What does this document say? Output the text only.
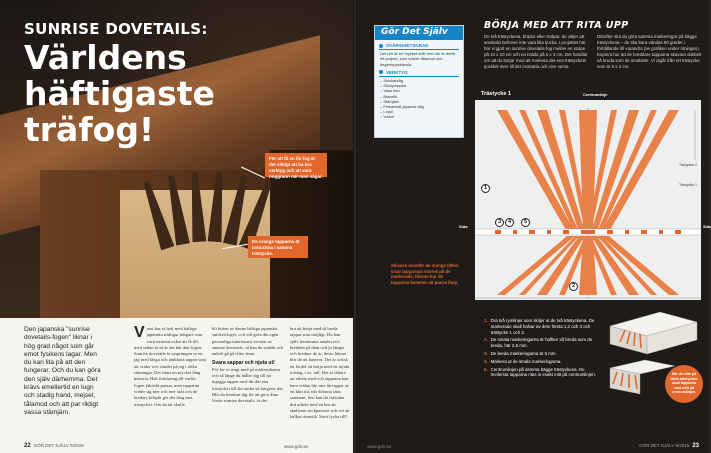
SUNRISE DOVETAILS:
Världens
häftigaste träfog!
För att få en fin fog är det viktigt att ha bra verktyg och att vara noggrann när man sågar.
De orange tapparna är instuckna i samma trästycke.
Den japanska "sunrise dovetails-fogen" liknar i hög grad något som går emot fysikens lagar. Men du kan lita på att den fungerar. Och du kan göra den själv därhemma. Det krävs emellertid en lugn och stadig hand, mejsel, tålamod och att par riktigt vassa stämjärn.
Vasst har vi haft med häftiga japanska träfogar tidigare som varit extremt svåra att få till, men sedan är så är det här den fogen. Sunrise dovetails är ursprungen ur en jag med långa och tänkbara tappar som att vrider och vänder på sig i olika riktningar. Det finns en mycket lång historia. Hak förklaring till varför fogen faktiskt passar, men tapparna vrider sig mer och mer utåt och de bredare kilspår ger det läng mot trästycket. Om du tar skulle
bli bitten av denna häftiga japanska snickerifoget, och vill göra din egen personliga interessant version av sunrise dovetails, så kan du snabbt och enkelt gå på tvärs fram.
Svara sappar och njuta ut!
För fur vi ringt med på malresultaten och så länge du håller dig till att mjugga tappar med dit ditt ena trästycket till det andra så fungerar det. Blir du bestämt dig för att göra dina första sunrise dovetails, är det
bra att börja med så breda tappar som möjligt. Du kan själv bestämma antalet och bredden på dem och ju längre och bredare de är, desto lättare blir de att hantera. Det är också en fördel att börja med ett mjukt träslag, t ex. tall. Det är lättare att arbeta med och tapparna kan bara vridas lite mer än tappar av ett hårt trä, när delarna sätts samman. Sen kan du fortsätta ditt arbete med en bra att skalfram stickpassare och vet att kalkat ritmetik. Stort lycka till!
22 GÖR DET SJÄLV 9/2015	www.gds.se
Gör Det Själv
SVÅRIGHETSGRAD
Det här är en mycket svår men än är detta ett projekt, som kräver tålamod och fingertoppskänsla.
VERKTYG
– Snickarsåg
– Stickpassare
– Vass kniv
– Brandlit
– Stämjärn
– Finkantslit japansk såg
– Linjal
– Vinkel
BÖRJA MED ATT RITA UPP
De två trästyckena, brädor eller stolpar, du väljer att använda behöver inte vara lika tjocka. I projektet här har vi gjort en sunrise dovetails-fog mellan en stolpe på 10 x 10 cm och en bräda på 5 x 3 cm. Det handlar om att du börjar med att markera det ena trästyckets tjocklek över till det motsatta och vice versa.
Därefter ska du göra samma markeringar på bägge trästyckena – de ska bara vändas 90 grader i förhållande till varandra (se grafiken under ritningen). Kopiera hur att de breddare tapparna skavara dubbelt så breda som de smalaste. Vi utgår från ett trästycke som är 6 x 2 cm.
Trästycke 1	Centrumlinje
Sida	Sida
Trästycke 2
Trästycke 1
1
2
3	4	5
Skissen ovanför de orange fälten visar tapparnas storlek på de markerade, liksom hur de tapparna kommer att passa ihop.
1. Dra två rymlinjer som skiljer ut de två trästyckena. De markerade skall halvar av dem första 1,2 och 3 och trästycke 1 och 2.
2. De smala markeringarna är halften så breda som de breda, här 2,5 mm.
3. De breda markeringarna är 5 mm.
4. Markera ut de smala markeringarna.
5. Centrumlinjen på samma bägge trästyckena. De mellersta tapparna ritas in exakt mitt på centrumlinjen.	När du ritar på båda trästycken skall tapparna vara mitt på centrumlinjen.
www.gds.se	GÖR DET SJÄLV 9/2015 23
